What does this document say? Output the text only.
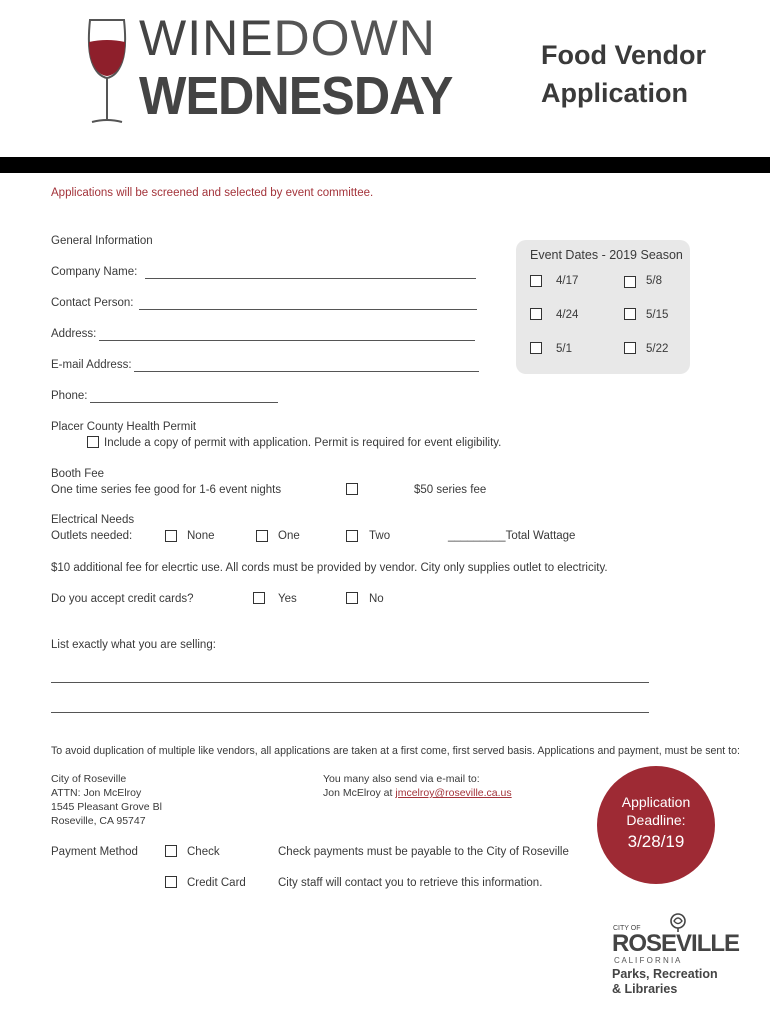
WINEDOWN
WEDNESDAY
Food Vendor
Application
Applications will be screened and selected by event committee.
General Information
Company Name:
Contact Person:
Address:
E-mail Address:
Phone:
Event Dates - 2019 Season
4/17	5/8
4/24	5/15
5/1	5/22
Placer County Health Permit
Include a copy of permit with application. Permit is required for event eligibility.
Booth Fee
One time series fee good for 1-6 event nights	$50 series fee
Electrical Needs
Outlets needed:	None	One	Two	_________Total Wattage
$10 additional fee for elecrtic use. All cords must be provided by vendor. City only supplies outlet to electricity.
Do you accept credit cards?	Yes	No
List exactly what you are selling:
To avoid duplication of multiple like vendors, all applications are taken at a first come, first served basis. Applications and payment, must be sent to:
City of Roseville
ATTN: Jon McElroy
1545 Pleasant Grove Bl
Roseville, CA 95747
You many also send via e-mail to:
Jon McElroy at jmcelroy@roseville.ca.us
Application
Deadline:
3/28/19
Payment Method	Check	Check payments must be payable to the City of Roseville
Credit Card	City staff will contact you to retrieve this information.
CITY OF
ROSEVILLE
C A L I F O R N I A
Parks, Recreation
& Libraries
